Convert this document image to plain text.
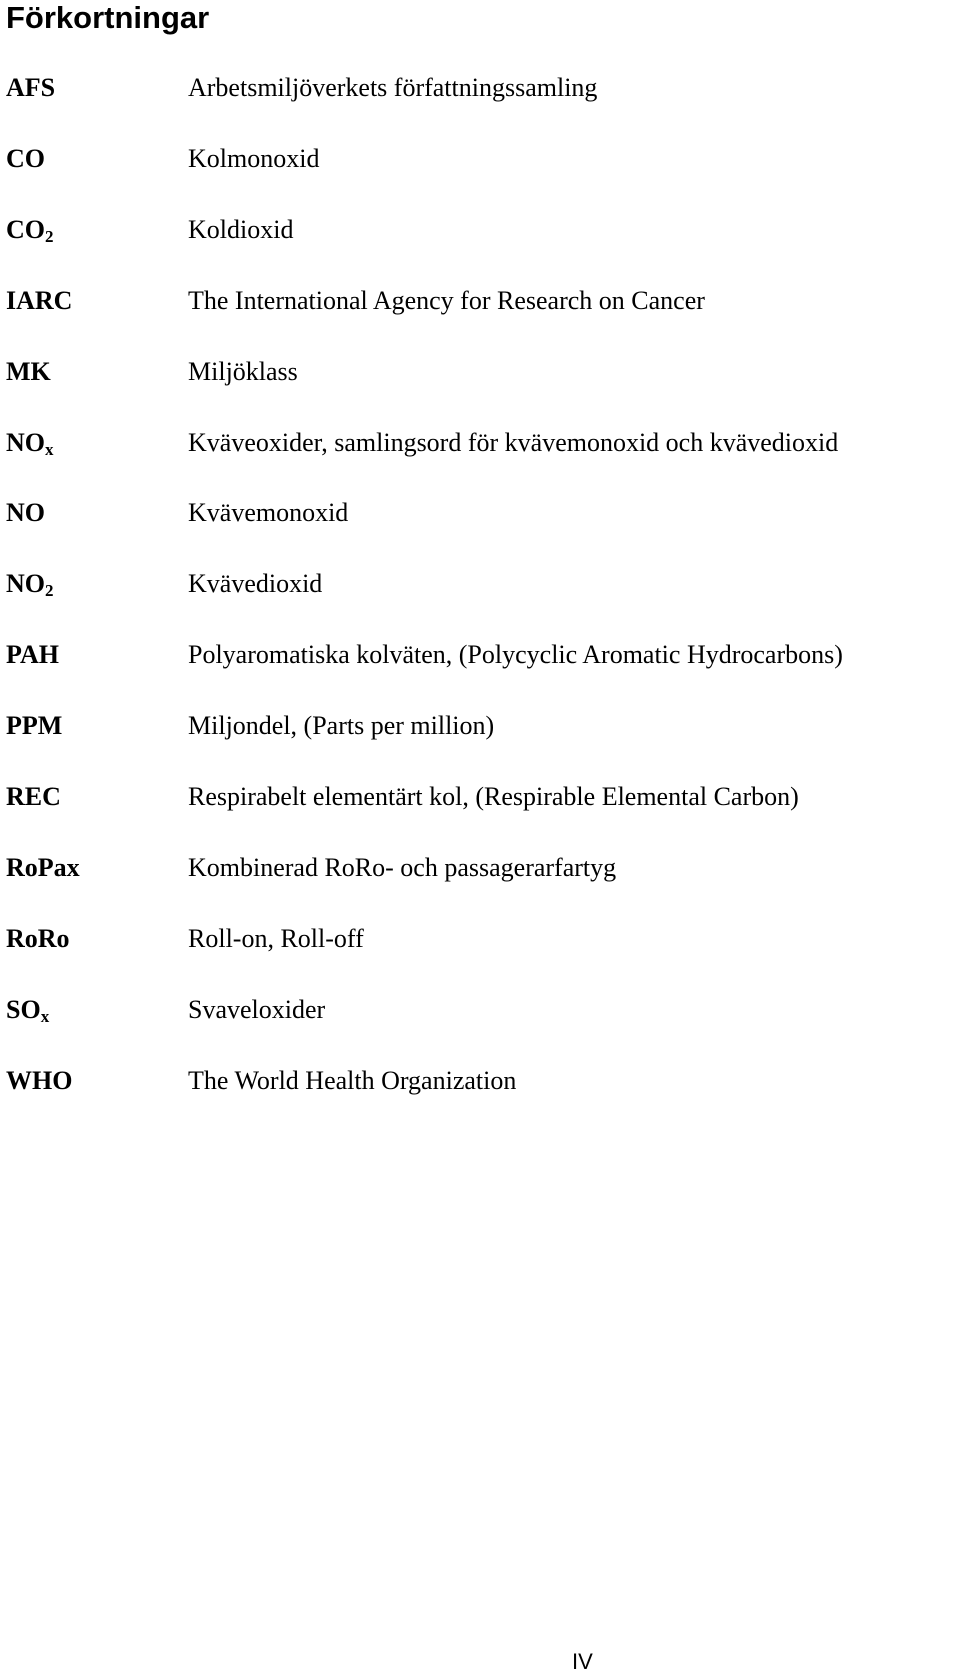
Förkortningar
AFS	Arbetsmiljöverkets författningssamling
CO	Kolmonoxid
$CO_2$	Koldioxid
IARC	The International Agency for Research on Cancer
MK	Miljöklass
$NO_x$	Kväveoxider, samlingsord för kvävemonoxid och kvävedioxid
NO	Kvävemonoxid
$NO_2$	Kvävedioxid
PAH	Polyaromatiska kolväten, (Polycyclic Aromatic Hydrocarbons)
PPM	Miljondel, (Parts per million)
REC	Respirabelt elementärt kol, (Respirable Elemental Carbon)
RoPax	Kombinerad RoRo- och passagerarfartyg
RoRo	Roll-on, Roll-off
$SO_x$	Svaveloxider
WHO	The World Health Organization
IV
